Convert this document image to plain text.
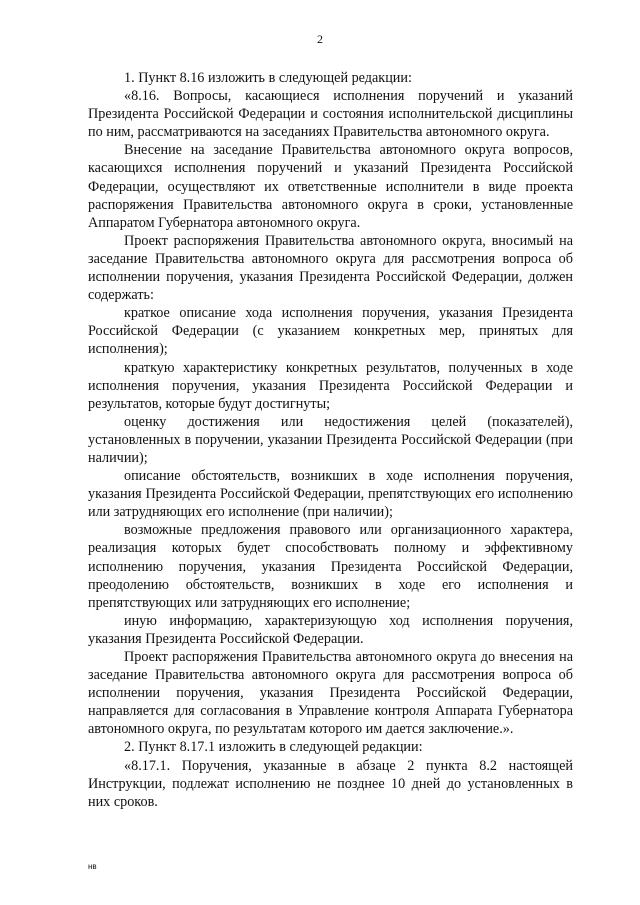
2

1. Пункт 8.16 изложить в следующей редакции:

«8.16. Вопросы, касающиеся исполнения поручений и указаний Президента Российской Федерации и состояния исполнительской дисциплины по ним, рассматриваются на заседаниях Правительства автономного округа.

Внесение на заседание Правительства автономного округа вопросов, касающихся исполнения поручений и указаний Президента Российской Федерации, осуществляют их ответственные исполнители в виде проекта распоряжения Правительства автономного округа в сроки, установленные Аппаратом Губернатора автономного округа.

Проект распоряжения Правительства автономного округа, вносимый на заседание Правительства автономного округа для рассмотрения вопроса об исполнении поручения, указания Президента Российской Федерации, должен содержать:

краткое описание хода исполнения поручения, указания Президента Российской Федерации (с указанием конкретных мер, принятых для исполнения);

краткую характеристику конкретных результатов, полученных в ходе исполнения поручения, указания Президента Российской Федерации и результатов, которые будут достигнуты;

оценку достижения или недостижения целей (показателей), установленных в поручении, указании Президента Российской Федерации (при наличии);

описание обстоятельств, возникших в ходе исполнения поручения, указания Президента Российской Федерации, препятствующих его исполнению или затрудняющих его исполнение (при наличии);

возможные предложения правового или организационного характера, реализация которых будет способствовать полному и эффективному исполнению поручения, указания Президента Российской Федерации, преодолению обстоятельств, возникших в ходе его исполнения и препятствующих или затрудняющих его исполнение;

иную информацию, характеризующую ход исполнения поручения, указания Президента Российской Федерации.

Проект распоряжения Правительства автономного округа до внесения на заседание Правительства автономного округа для рассмотрения вопроса об исполнении поручения, указания Президента Российской Федерации, направляется для согласования в Управление контроля Аппарата Губернатора автономного округа, по результатам которого им дается заключение.».

2. Пункт 8.17.1 изложить в следующей редакции:

«8.17.1. Поручения, указанные в абзаце 2 пункта 8.2 настоящей Инструкции, подлежат исполнению не позднее 10 дней до установленных в них сроков.

нв
